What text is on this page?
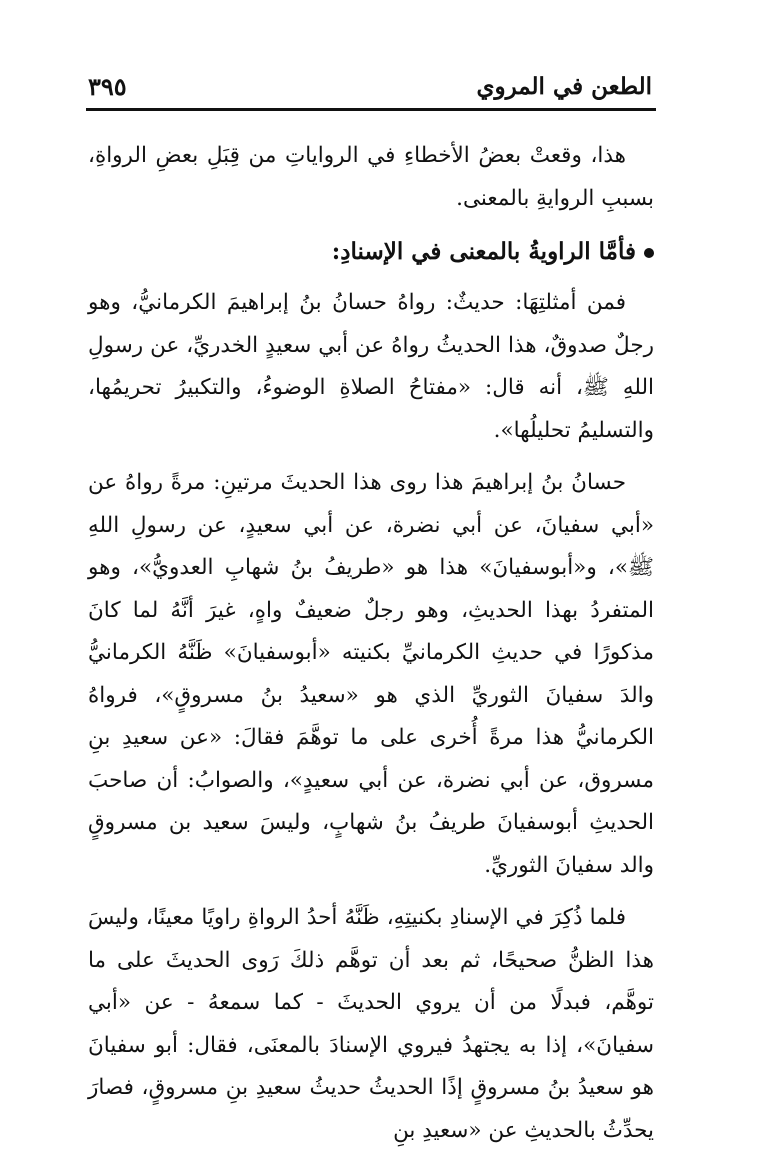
الطعن في المروي
٣٩٥

هذا، وقعتْ بعضُ الأخطاءِ في الرواياتِ من قِبَلِ بعضِ الرواةِ، بسببِ الروايةِ بالمعنى.

فأمَّا الراويةُ بالمعنى في الإسنادِ:

فمن أمثلتِهَا: حديثٌ: رواهُ حسانُ بنُ إبراهيمَ الكرمانيُّ، وهو رجلٌ صدوقٌ، هذا الحديثُ رواهُ عن أبي سعيدٍ الخدريِّ، عن رسولِ اللهِ ﷺ، أنه قال: «مفتاحُ الصلاةِ الوضوءُ، والتكبيرُ تحريمُها، والتسليمُ تحليلُها».

حسانُ بنُ إبراهيمَ هذا روى هذا الحديثَ مرتينِ: مرةً رواهُ عن «أبي سفيانَ، عن أبي نضرة، عن أبي سعيدٍ، عن رسولِ اللهِ ﷺ»، و«أبوسفيانَ» هذا هو «طريفُ بنُ شهابِ العدويُّ»، وهو المتفردُ بهذا الحديثِ، وهو رجلٌ ضعيفٌ واهٍ، غيرَ أنَّهُ لما كانَ مذكورًا في حديثِ الكرمانيِّ بكنيته «أبوسفيانَ» ظَنَّهُ الكرمانيُّ والدَ سفيانَ الثوريِّ الذي هو «سعيدُ بنُ مسروقٍ»، فرواهُ الكرمانيُّ هذا مرةً أُخرى على ما توهَّمَ فقالَ: «عن سعيدِ بنِ مسروق، عن أبي نضرة، عن أبي سعيدٍ»، والصوابُ: أن صاحبَ الحديثِ أبوسفيانَ طريفُ بنُ شهابٍ، وليسَ سعيد بن مسروقٍ والد سفيانَ الثوريِّ.

فلما ذُكِرَ في الإسنادِ بكنيتِهِ، ظَنَّهُ أحدُ الرواةِ راويًا معينًا، وليسَ هذا الظنُّ صحيحًا، ثم بعد أن توهَّم ذلكَ رَوى الحديثَ على ما توهَّم، فبدلًا من أن يروي الحديثَ - كما سمعهُ - عن «أبي سفيانَ»، إذا به يجتهدُ فيروي الإسنادَ بالمعنَى، فقال: أبو سفيانَ هو سعيدُ بنُ مسروقٍ إذًا الحديثُ حديثُ سعيدِ بنِ مسروقٍ، فصارَ يحدِّثُ بالحديثِ عن «سعيدِ بنِ
